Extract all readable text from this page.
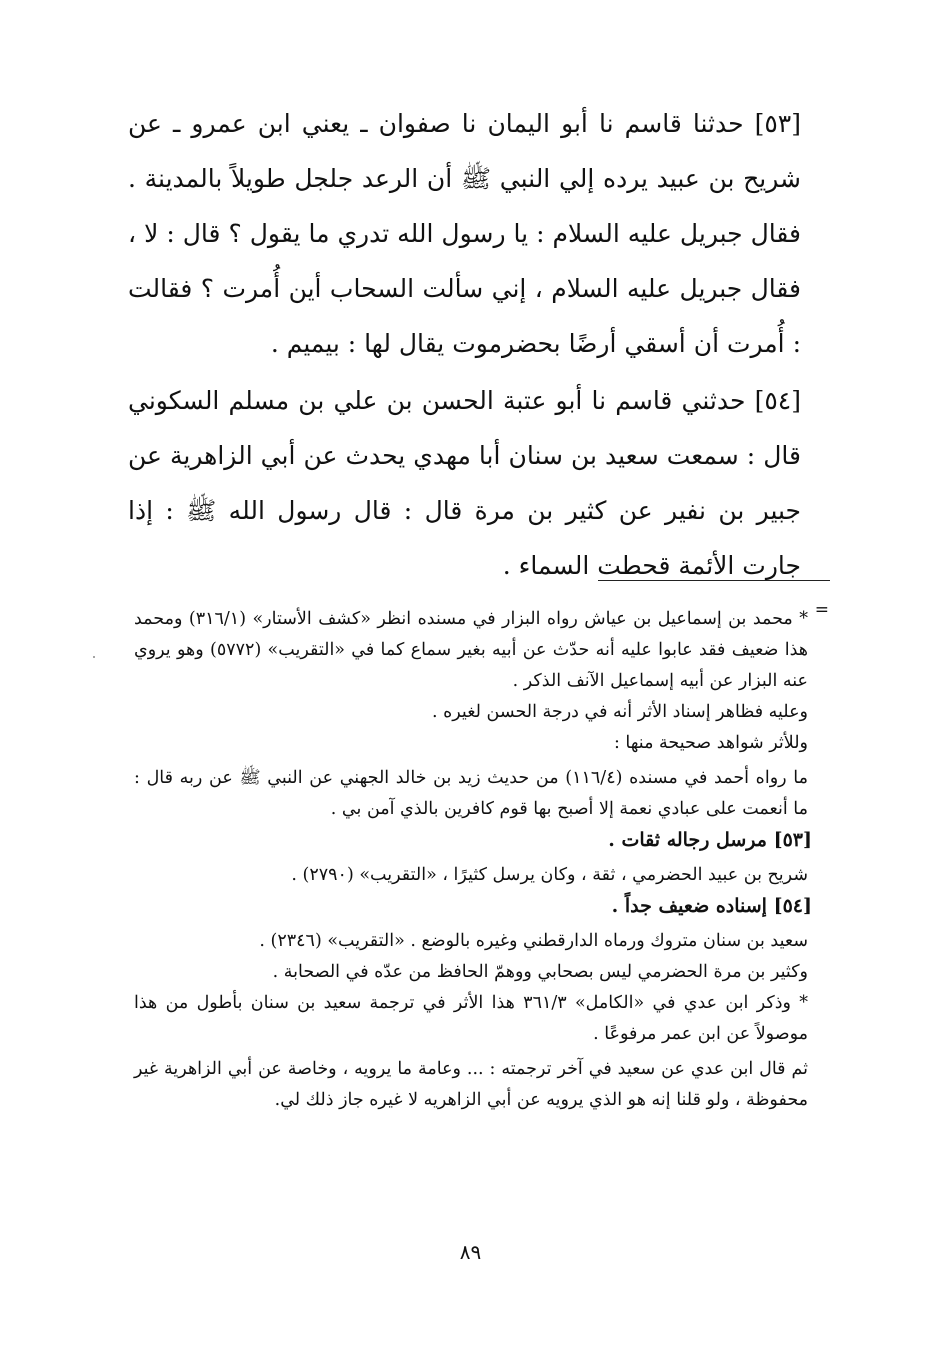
[٥٣] حدثنا قاسم نا أبو اليمان نا صفوان ـ يعني ابن عمرو ـ عن شريح بن عبيد يرده إلي النبي ﷺ أن الرعد جلجل طويلاً بالمدينة . فقال جبريل عليه السلام : يا رسول الله تدري ما يقول ؟ قال : لا ، فقال جبريل عليه السلام ، إني سألت السحاب أين أُمرت ؟ فقالت : أُمرت أن أسقي أرضًا بحضرموت يقال لها : بيميم .

[٥٤] حدثني قاسم نا أبو عتبة الحسن بن علي بن مسلم السكوني قال : سمعت سعيد بن سنان أبا مهدي يحدث عن أبي الزاهرية عن جبير بن نفير عن كثير بن مرة قال : قال رسول الله ﷺ : إذا جارت الأئمة قحطت السماء .

=

* محمد بن إسماعيل بن عياش رواه البزار في مسنده انظر «كشف الأستار» (٣١٦/١) ومحمد هذا ضعيف فقد عابوا عليه أنه حدّث عن أبيه بغير سماع كما في «التقريب» (٥٧٧٢) وهو يروي عنه البزار عن أبيه إسماعيل الآنف الذكر .

وعليه فظاهر إسناد الأثر أنه في درجة الحسن لغيره .

وللأثر شواهد صحيحة منها :

ما رواه أحمد في مسنده (١١٦/٤) من حديث زيد بن خالد الجهني عن النبي ﷺ عن ربه قال : ما أنعمت على عبادي نعمة إلا أصبح بها قوم كافرين بالذي آمن بي .

[٥٣] مرسل رجاله ثقات .

شريح بن عبيد الحضرمي ، ثقة ، وكان يرسل كثيرًا ، «التقريب» (٢٧٩٠) .

[٥٤] إسناده ضعيف جداً .

سعيد بن سنان متروك ورماه الدارقطني وغيره بالوضع . «التقريب» (٢٣٤٦) .

وكثير بن مرة الحضرمي ليس بصحابي ووهمّ الحافظ من عدّه في الصحابة .

* وذكر ابن عدي في «الكامل» ٣٦١/٣ هذا الأثر في ترجمة سعيد بن سنان بأطول من هذا موصولاً عن ابن عمر مرفوعًا .

ثم قال ابن عدي عن سعيد في آخر ترجمته : ... وعامة ما يرويه ، وخاصة عن أبي الزاهرية غير محفوظة ، ولو قلنا إنه هو الذي يرويه عن أبي الزاهريه لا غيره جاز ذلك لي.

٨٩
